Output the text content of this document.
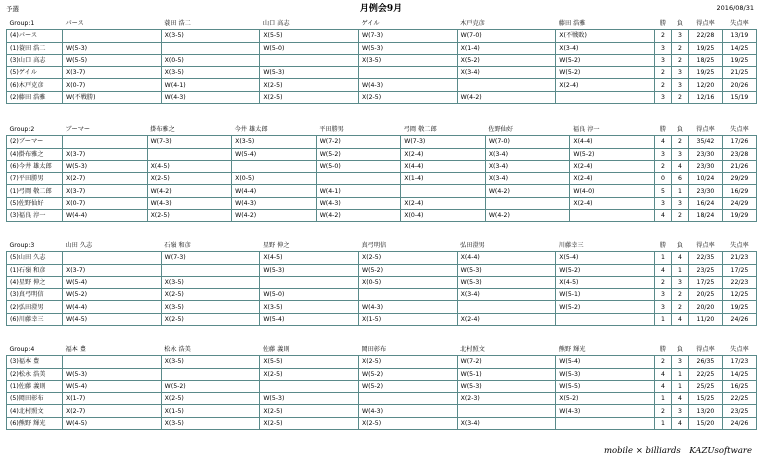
予選	月例会9月	2016/08/31
Group:1	パース	蓑田 浩二	山口 高志	ゲイル	木戸克彦	藤田 浩雅	勝	負	得点率	失点率
(4)パース		X(3-5)	X(5-5)	W(7-3)	W(7-0)	X(不戦敗)	2	3	22/28	13/19
(1)蓑田 浩二	W(5-3)		W(5-0)	W(5-3)	X(1-4)	X(3-4)	3	2	19/25	14/25
(3)山口 高志	W(5-5)	X(0-5)		X(3-5)	X(5-2)	W(5-2)	3	2	18/25	19/25
(5)ゲイル	X(3-7)	X(3-5)	W(5-3)		X(3-4)	W(5-2)	2	3	19/25	21/25
(6)木戸克彦	X(0-7)	W(4-1)	X(2-5)	W(4-3)		X(2-4)	2	3	12/20	20/26
(2)藤田 浩雅	W(不戦勝)	W(4-3)	X(2-5)	X(2-5)	W(4-2)		3	2	12/16	15/19
Group:2	ブーマー	掛布雅之	今井 雄太郎	平田勝男	弓岡 敬二郎	佐野仙好	福良 淳一	勝	負	得点率	失点率
(2)ブーマー		W(7-3)	X(3-5)	W(7-2)	W(7-3)	W(7-0)	X(4-4)	4	2	35/42	17/26
(4)掛布雅之	X(3-7)		W(5-4)	W(5-2)	X(2-4)	X(3-4)	W(5-2)	3	3	23/30	23/28
(6)今井 雄太郎	W(5-3)	X(4-5)		W(5-0)	X(4-4)	X(3-4)	X(2-4)	2	4	23/30	21/26
(7)平田勝男	X(2-7)	X(2-5)	X(0-5)		X(1-4)	X(3-4)	X(2-4)	0	6	10/24	29/29
(1)弓岡 敬二郎	X(3-7)	W(4-2)	W(4-4)	W(4-1)		W(4-2)	W(4-0)	5	1	23/30	16/29
(5)佐野仙好	X(0-7)	W(4-3)	W(4-3)	W(4-3)	X(2-4)		X(2-4)	3	3	16/24	24/29
(3)福良 淳一	W(4-4)	X(2-5)	W(4-2)	W(4-2)	X(0-4)	W(4-2)		4	2	18/24	19/29
Group:3	山田 久志	石嶺 和彦	星野 伸之	真弓明信	弘田澄男	川藤幸三	勝	負	得点率	失点率
(5)山田 久志		W(7-3)	X(4-5)	X(2-5)	X(4-4)	X(5-4)	1	4	22/35	21/23
(1)石嶺 和彦	X(3-7)		W(5-3)	W(5-2)	W(5-3)	W(5-2)	4	1	23/25	17/25
(4)星野 伸之	W(5-4)	X(3-5)		X(0-5)	W(5-3)	X(4-5)	2	3	17/25	22/23
(3)真弓明信	W(5-2)	X(2-5)	W(5-0)		X(3-4)	W(5-1)	3	2	20/25	12/25
(2)弘田澄男	W(4-4)	X(3-5)	X(3-5)	W(4-3)		W(5-2)	3	2	20/20	19/25
(6)川藤幸三	W(4-5)	X(2-5)	W(5-4)	X(1-5)	X(2-4)		1	4	11/20	24/26
Group:4	福本 豊	松永 浩美	佐藤 義則	岡田彰布	北村照文	熊野 輝光	勝	負	得点率	失点率
(3)福本 豊		X(3-5)	X(5-5)	X(2-5)	W(7-2)	W(5-4)	2	3	26/35	17/23
(2)松永 浩美	W(5-3)		X(2-5)	W(5-2)	W(5-1)	W(5-3)	4	1	22/25	14/25
(1)佐藤 義則	W(5-4)	W(5-2)		W(5-2)	W(5-3)	W(5-5)	4	1	25/25	16/25
(5)岡田彰布	X(1-7)	X(2-5)	W(5-3)		X(2-3)	X(5-2)	1	4	15/25	22/25
(4)北村照文	X(2-7)	X(1-5)	X(2-5)	W(4-3)		W(4-3)	2	3	13/20	23/25
(6)熊野 輝光	W(4-5)	X(3-5)	X(2-5)	X(2-5)	X(3-4)		1	4	15/20	24/26
mobile × billiards　KAZUsoftware
